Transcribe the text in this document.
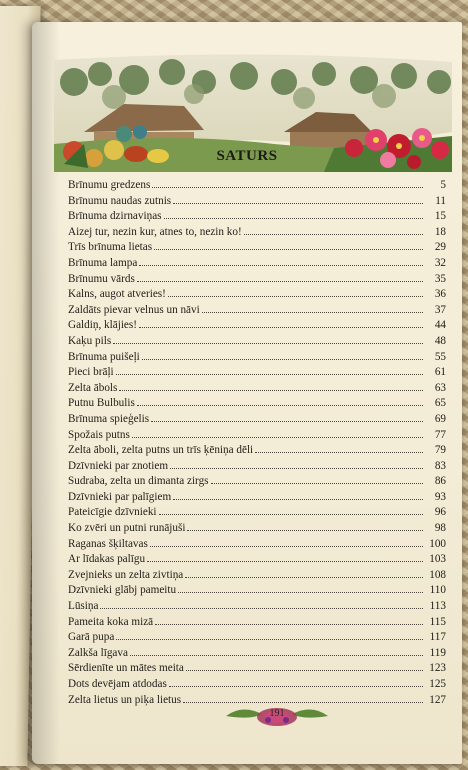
SATURS
Brīnumu gredzens	5
Brīnumu naudas zutnis	11
Brīnuma dzirnaviņas	15
Aizej tur, nezin kur, atnes to, nezin ko!	18
Trīs brīnuma lietas	29
Brīnuma lampa	32
Brīnumu vārds	35
Kalns, augot atveries!	36
Zaldāts pievar velnus un nāvi	37
Galdiņ, klājies!	44
Kaķu pils	48
Brīnuma puišeļi	55
Pieci brāļi	61
Zelta ābols	63
Putnu Bulbulis	65
Brīnuma spieģelis	69
Spožais putns	77
Zelta āboli, zelta putns un trīs ķēniņa dēli	79
Dzīvnieki par znotiem	83
Sudraba, zelta un dimanta zirgs	86
Dzīvnieki par palīgiem	93
Pateicīgie dzīvnieki	96
Ko zvēri un putni runājuši	98
Raganas šķiltavas	100
Ar līdakas palīgu	103
Zvejnieks un zelta zivtiņa	108
Dzīvnieki glābj pameitu	110
Lūsiņa	113
Pameita koka mizā	115
Garā pupa	117
Zalkša līgava	119
Sērdienīte un mātes meita	123
Dots devējam atdodas	125
Zelta lietus un piķa lietus	127
191
